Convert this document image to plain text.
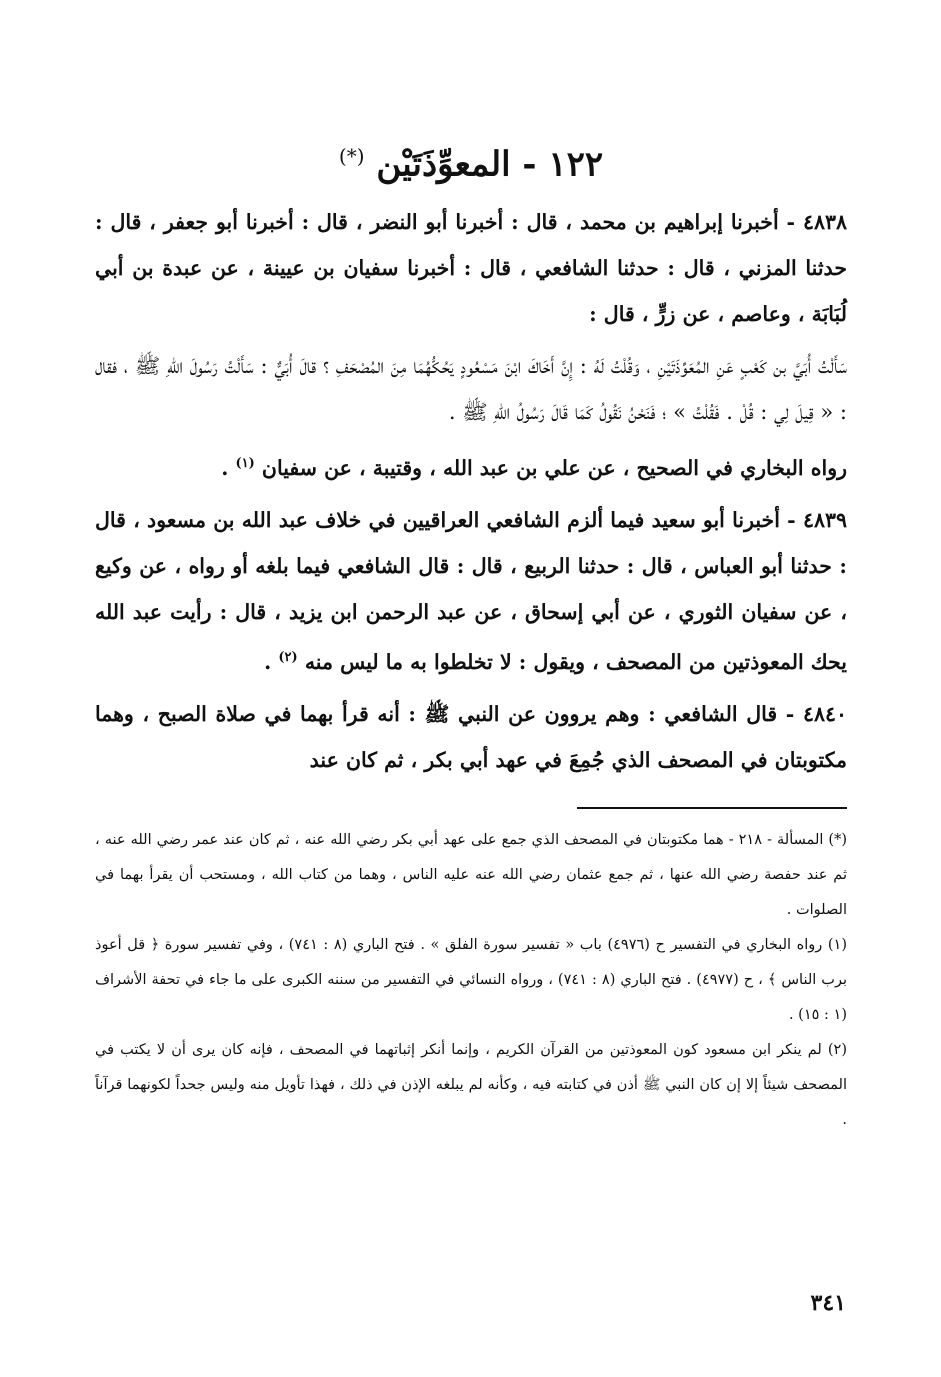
١٢٢ - المعوِّذَتَيْن (*)
٤٨٣٨ - أخبرنا إبراهيم بن محمد ، قال : أخبرنا أبو النضر ، قال : أخبرنا أبو جعفر ، قال : حدثنا المزني ، قال : حدثنا الشافعي ، قال : أخبرنا سفيان بن عيينة ، عن عبدة بن أبي لُبَابَة ، وعاصم ، عن زرٍّ ، قال :
سَأَلْتُ أُبَيَّ بن كَعْبٍ عَنِ المُعَوِّذَتَيْنِ ، وَقُلْتُ لَهُ : إِنَّ أَخَاكَ ابْنَ مَسْعُودٍ يَحُكُّهُمَا مِنَ المُصْحَفِ ؟ قالَ أُبَيٌّ : سَأَلْتُ رَسُولَ اللهِ ﷺ ، فقال : « قِيلَ لِي : قُلْ . فَقُلْتُ » ؛ فَنَحْنُ نَقُولُ كَمَا قَالَ رَسُولُ اللهِ ﷺ .
رواه البخاري في الصحيح ، عن علي بن عبد الله ، وقتيبة ، عن سفيان $^{(١)}$ .
٤٨٣٩ - أخبرنا أبو سعيد فيما ألزم الشافعي العراقيين في خلاف عبد الله بن مسعود ، قال : حدثنا أبو العباس ، قال : حدثنا الربيع ، قال : قال الشافعي فيما بلغه أو رواه ، عن وكيع ، عن سفيان الثوري ، عن أبي إسحاق ، عن عبد الرحمن ابن يزيد ، قال : رأيت عبد الله يحك المعوذتين من المصحف ، ويقول : لا تخلطوا به ما ليس منه $^{(٢)}$ .
٤٨٤٠ - قال الشافعي : وهم يروون عن النبي ﷺ : أنه قرأ بهما في صلاة الصبح ، وهما مكتوبتان في المصحف الذي جُمِعَ في عهد أبي بكر ، ثم كان عند

(*) المسألة - ٢١٨ - هما مكتوبتان في المصحف الذي جمع على عهد أبي بكر رضي الله عنه ، ثم كان عند عمر رضي الله عنه ، ثم عند حفصة رضي الله عنها ، ثم جمع عثمان رضي الله عنه عليه الناس ، وهما من كتاب الله ، ومستحب أن يقرأ بهما في الصلوات .

(١) رواه البخاري في التفسير ح (٤٩٧٦) باب « تفسير سورة الفلق » . فتح الباري (٨ : ٧٤١) ، وفي تفسير سورة ﴿ قل أعوذ برب الناس ﴾ ، ح (٤٩٧٧) . فتح الباري (٨ : ٧٤١) ، ورواه النسائي في التفسير من سننه الكبرى على ما جاء في تحفة الأشراف (١ : ١٥) .

(٢) لم ينكر ابن مسعود كون المعوذتين من القرآن الكريم ، وإنما أنكر إثباتهما في المصحف ، فإنه كان يرى أن لا يكتب في المصحف شيئاً إلا إن كان النبي ﷺ أذن في كتابته فيه ، وكأنه لم يبلغه الإذن في ذلك ، فهذا تأويل منه وليس جحداً لكونهما قرآناً .

٣٤١
